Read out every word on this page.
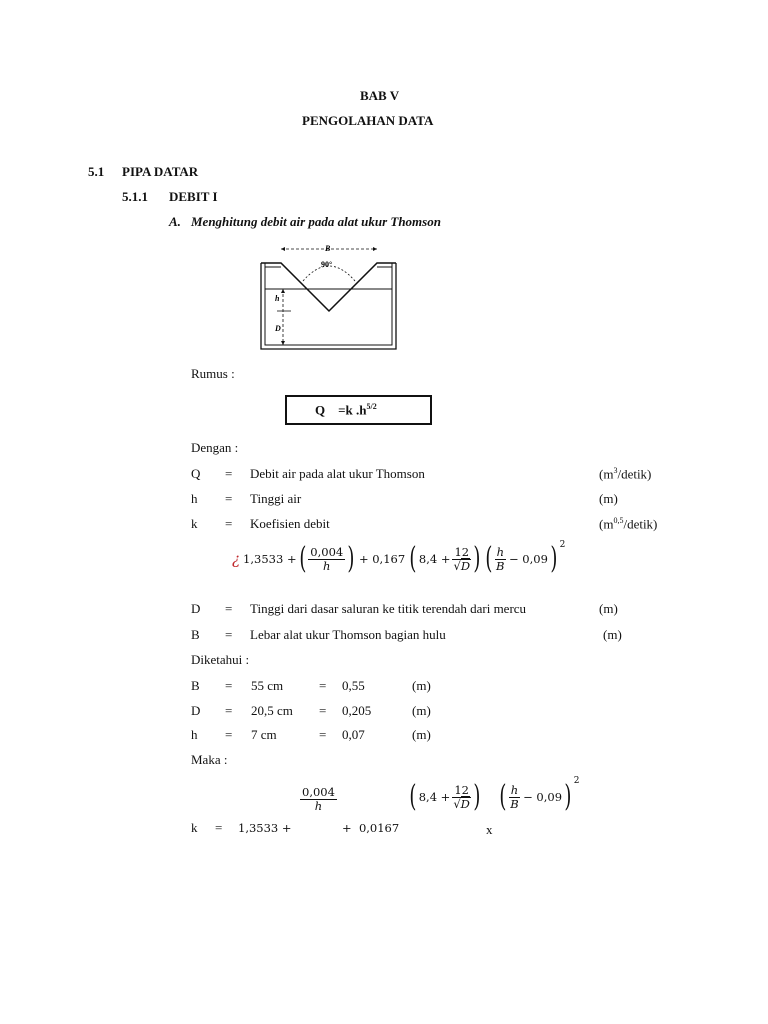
BAB V
PENGOLAHAN DATA
5.1 PIPA DATAR
5.1.1 DEBIT I
A. Menghitung debit air pada alat ukur Thomson
B
90°
h
D
Rumus :
Q    =k $.h^{5/2}$
Dengan :
Q = Debit air pada alat ukur Thomson	$(m^3/detik)$
h = Tinggi air	(m)
k = Koefisien debit	$(m^{0,5}/detik)$
¿ 1,3533 + ( $\frac{0,004}{h}$ ) + 0,167 ( $8,4 + \frac{12}{√D}$ ) ( $\frac{h}{B} - 0,09$ ) $^2$
D = Tinggi dari dasar saluran ke titik terendah dari mercu	(m)
B = Lebar alat ukur Thomson bagian hulu	(m)
Diketahui :
B = 55 cm	= 0,55	(m)
D = 20,5 cm = 0,205	(m)
h = 7 cm	= 0,07	(m)
Maka :
$\frac{0,004}{h}$ ( $8,4 + \frac{12}{√D}$ ) ( $\frac{h}{B} - 0,09$ ) $^2$
k = 1,3533 +	+  0,0167	x
